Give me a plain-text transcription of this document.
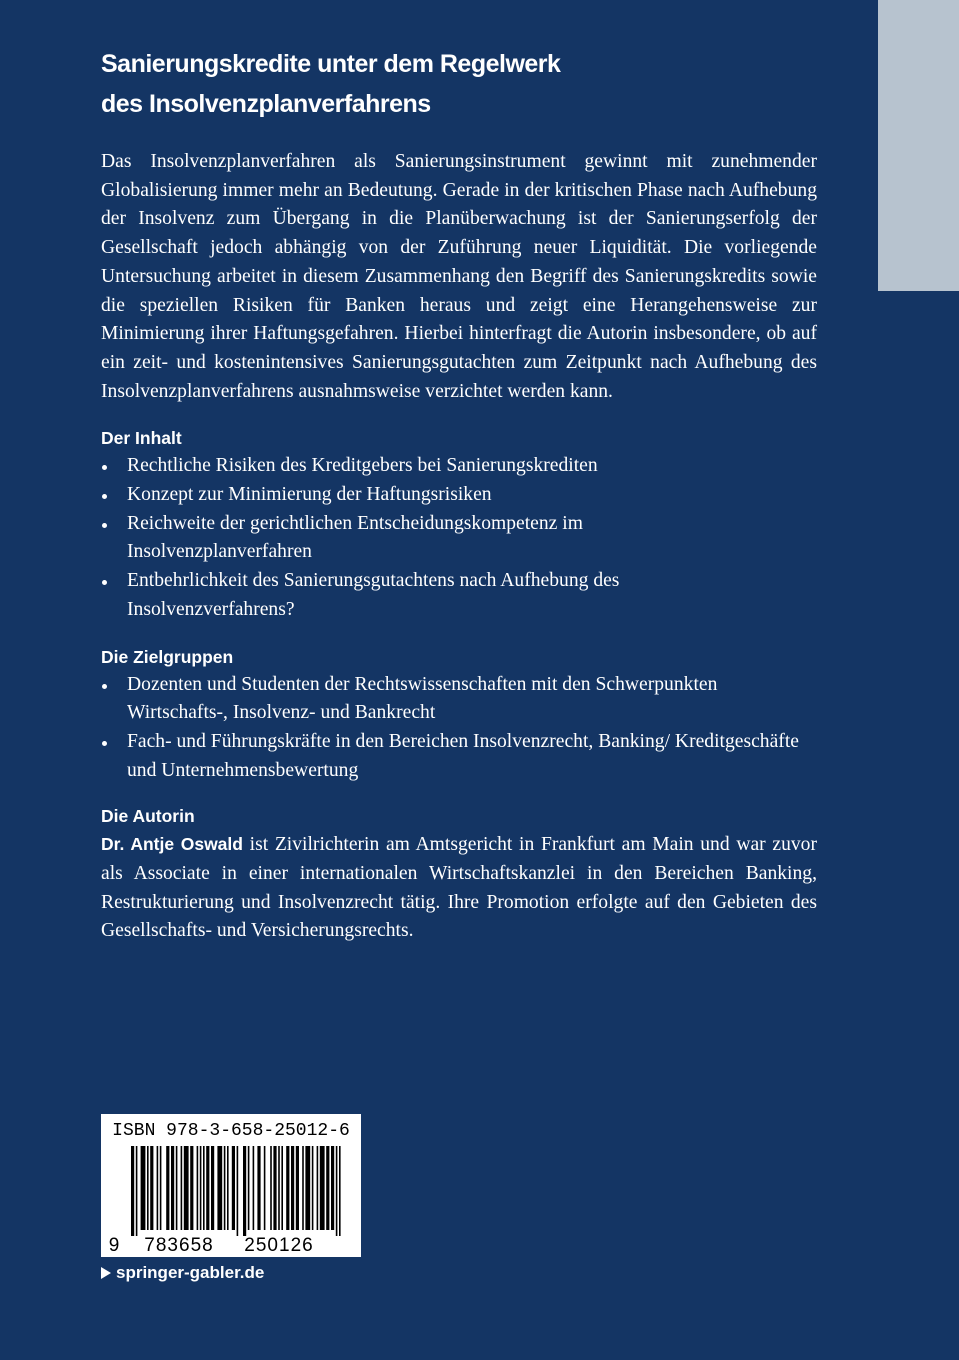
Sanierungskredite unter dem Regelwerk
des Insolvenzplanverfahrens

Das Insolvenzplanverfahren als Sanierungsinstrument gewinnt mit zunehmender Globalisierung immer mehr an Bedeutung. Gerade in der kritischen Phase nach Aufhebung der Insolvenz zum Übergang in die Planüberwachung ist der Sanierungserfolg der Gesellschaft jedoch abhängig von der Zuführung neuer Liquidität. Die vorliegende Untersuchung arbeitet in diesem Zusammenhang den Begriff des Sanierungskredits sowie die speziellen Risiken für Banken heraus und zeigt eine Herangehensweise zur Minimierung ihrer Haftungsgefahren. Hierbei hinterfragt die Autorin insbesondere, ob auf ein zeit- und kostenintensives Sanierungsgutachten zum Zeitpunkt nach Aufhebung des Insolvenzplanverfahrens ausnahmsweise verzichtet werden kann.

Der Inhalt
Rechtliche Risiken des Kreditgebers bei Sanierungskrediten
Konzept zur Minimierung der Haftungsrisiken
Reichweite der gerichtlichen Entscheidungskompetenz im Insolvenzplanverfahren
Entbehrlichkeit des Sanierungsgutachtens nach Aufhebung des Insolvenzverfahrens?
Die Zielgruppen
Dozenten und Studenten der Rechtswissenschaften mit den Schwerpunkten Wirtschafts-, Insolvenz- und Bankrecht
Fach- und Führungskräfte in den Bereichen Insolvenzrecht, Banking/ Kreditgeschäfte und Unternehmensbewertung
Die Autorin

Dr. Antje Oswald ist Zivilrichterin am Amtsgericht in Frankfurt am Main und war zuvor als Associate in einer internationalen Wirtschaftskanzlei in den Bereichen Banking, Restrukturierung und Insolvenzrecht tätig. Ihre Promotion erfolgte auf den Gebieten des Gesellschafts- und Versicherungsrechts.

ISBN 978-3-658-25012-6
9 783658 250126
springer-gabler.de
